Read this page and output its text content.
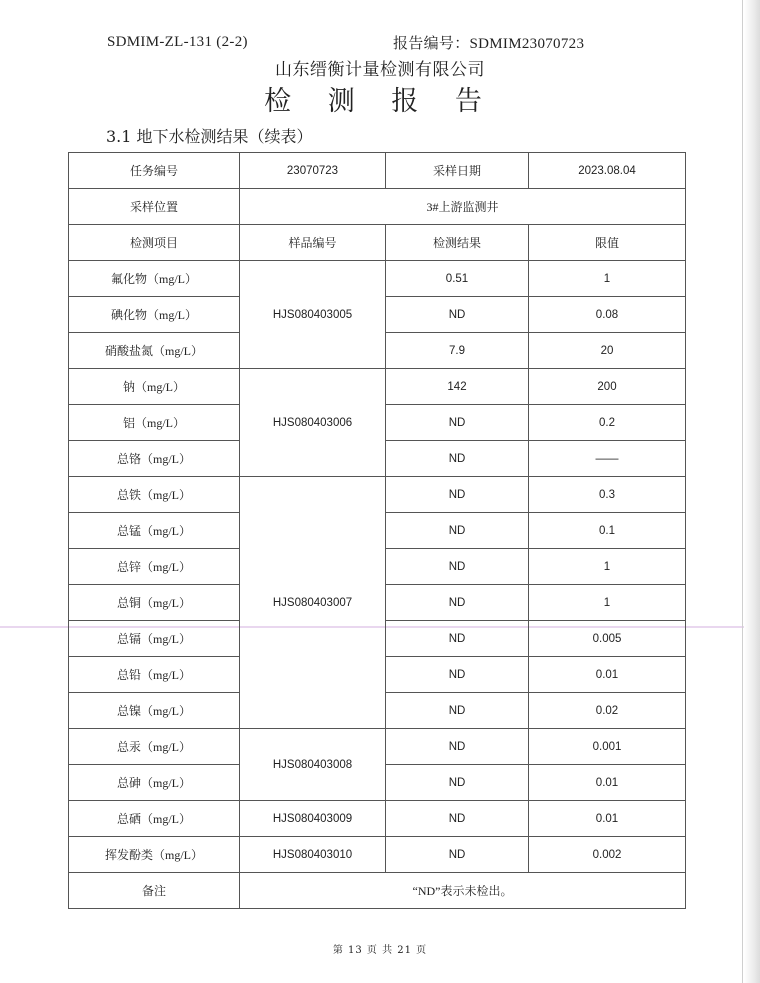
SDMIM-ZL-131 (2-2)	报告编号：SDMIM23070723
山东缙衡计量检测有限公司
检 测 报 告
3.1 地下水检测结果（续表）
任务编号	23070723	采样日期	2023.08.04
采样位置	3#上游监测井		
检测项目	样品编号	检测结果	限值
氟化物（mg/L）	HJS080403005	0.51	1
碘化物（mg/L）		ND	0.08
硝酸盐氮（mg/L）		7.9	20
钠（mg/L）	HJS080403006	142	200
铝（mg/L）		ND	0.2
总铬（mg/L）		ND	——
总铁（mg/L）	HJS080403007	ND	0.3
总锰（mg/L）		ND	0.1
总锌（mg/L）		ND	1
总铜（mg/L）		ND	1
总镉（mg/L）		ND	0.005
总铅（mg/L）		ND	0.01
总镍（mg/L）		ND	0.02
总汞（mg/L）	HJS080403008	ND	0.001
总砷（mg/L）		ND	0.01
总硒（mg/L）	HJS080403009	ND	0.01
挥发酚类（mg/L）	HJS080403010	ND	0.002
备注	“ND”表示未检出。		
第 13 页 共 21 页
